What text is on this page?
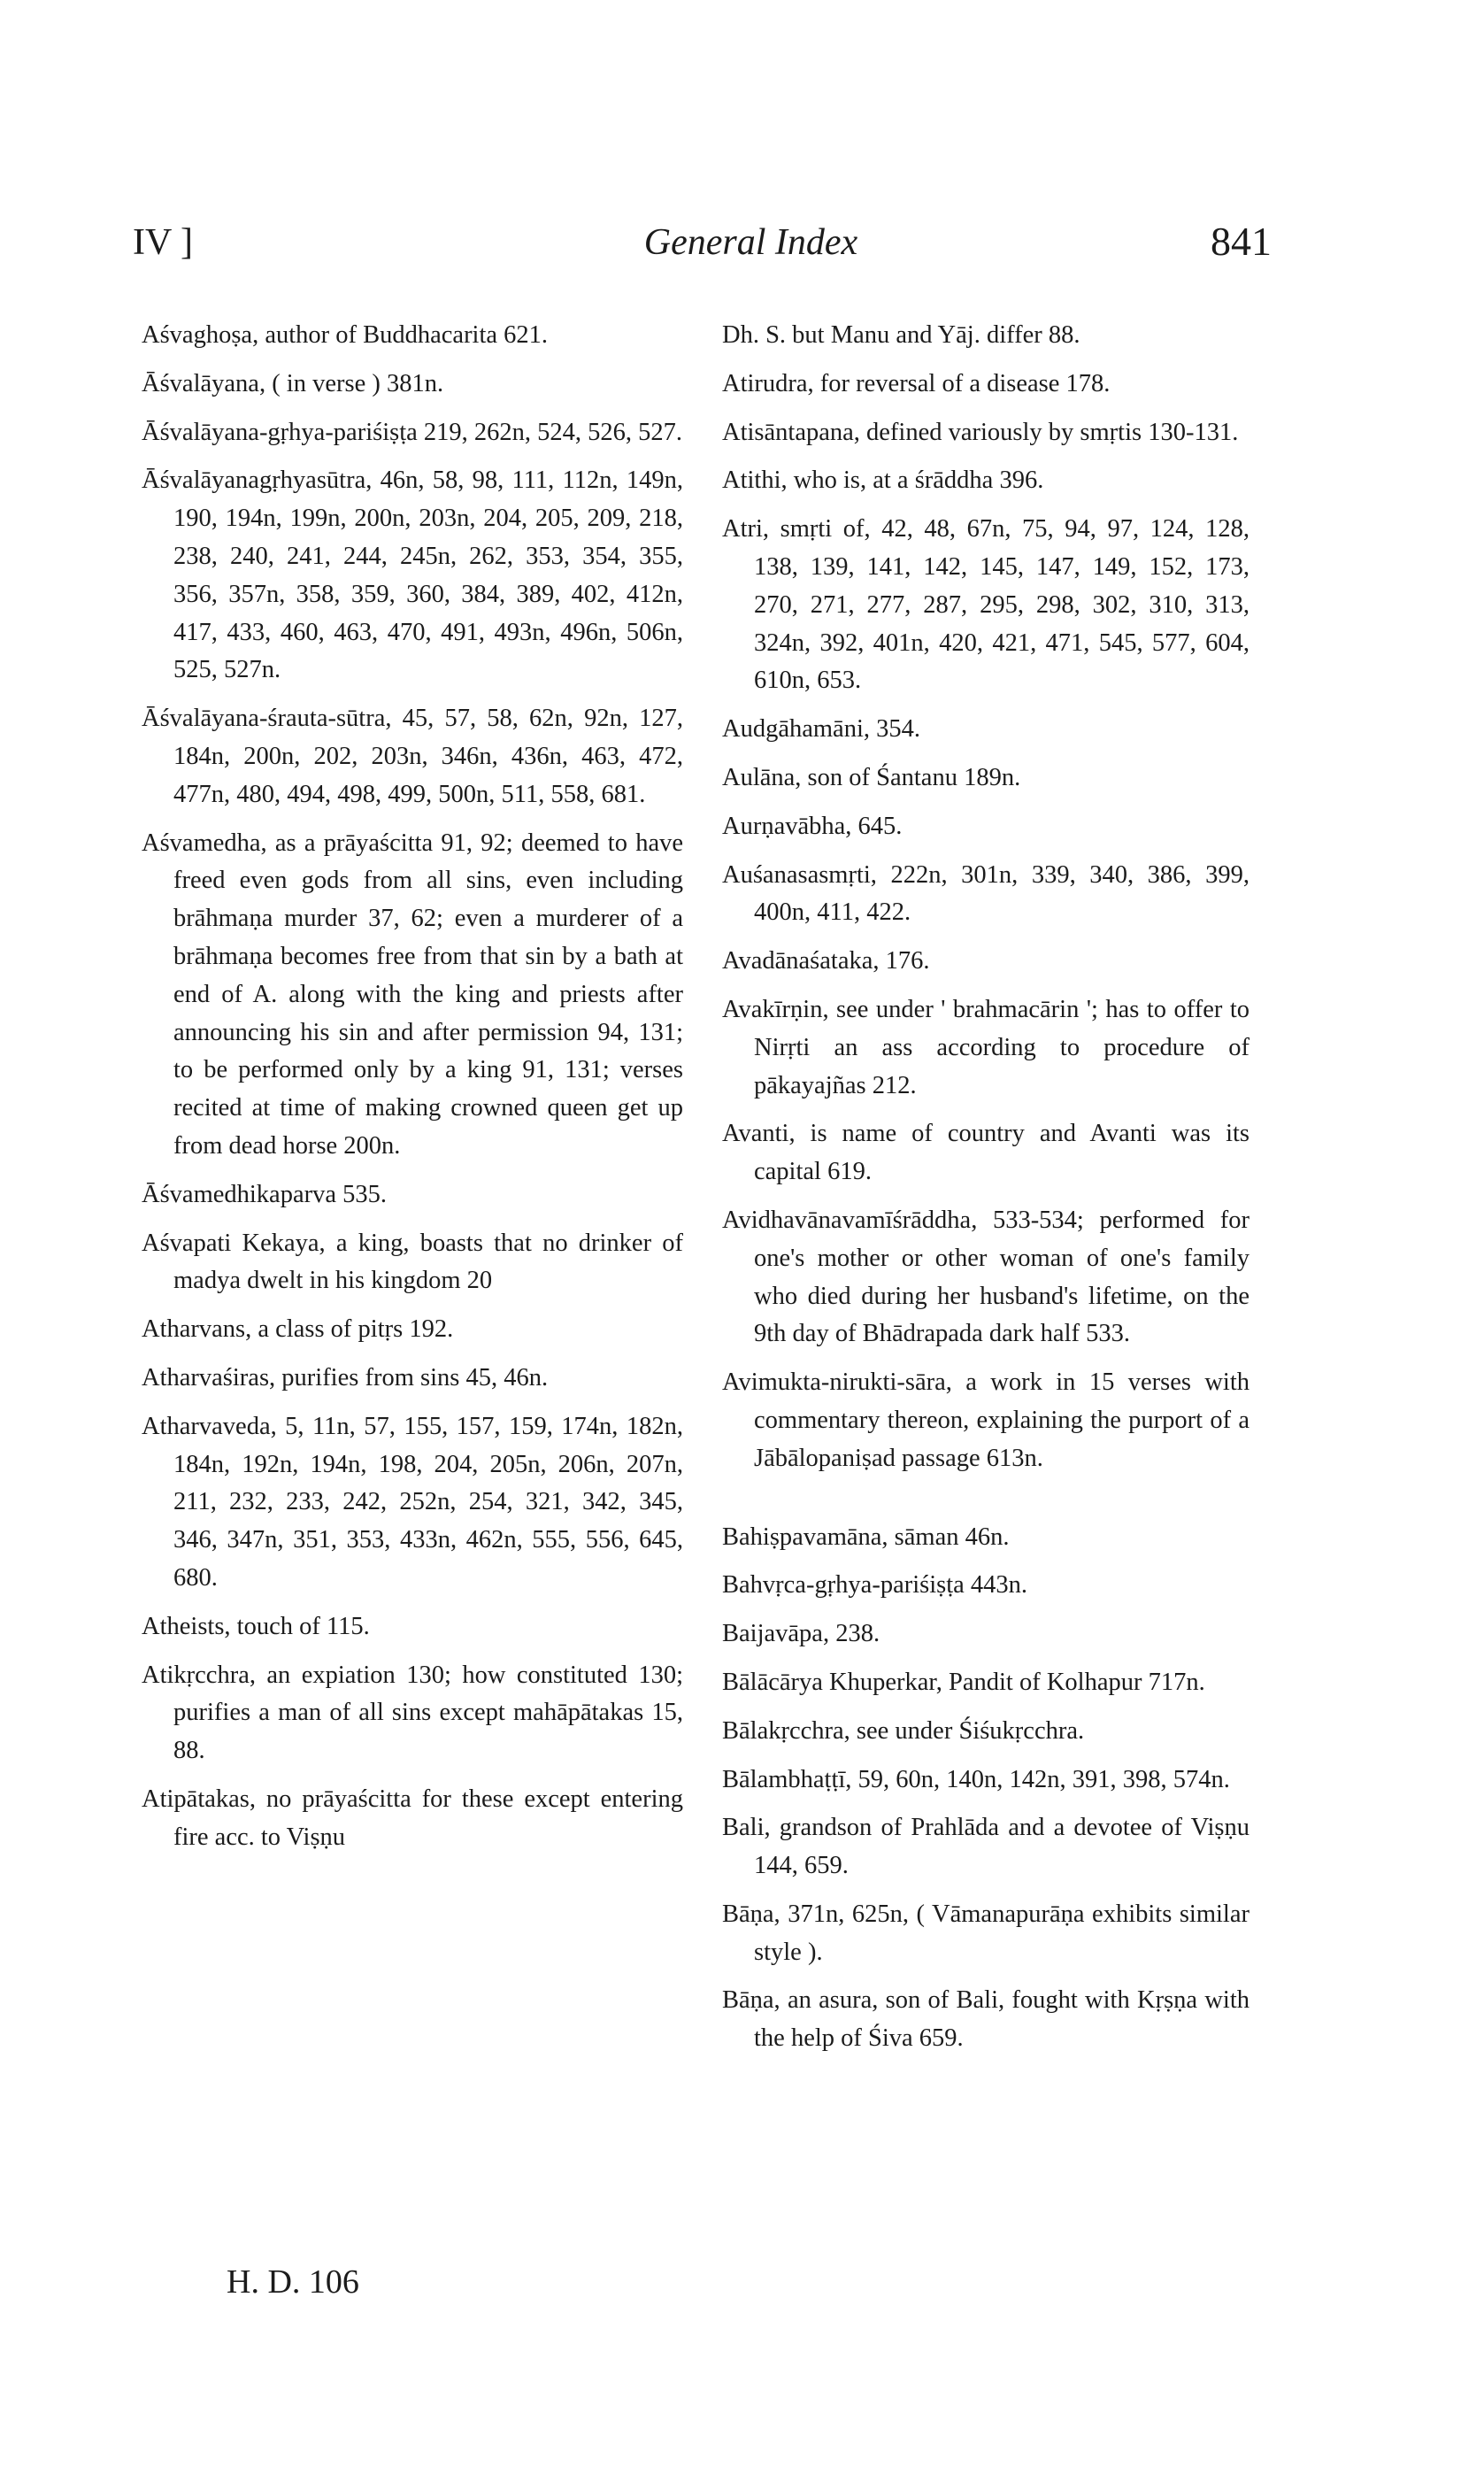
IV ]	General Index	841

Aśvaghoṣa, author of Buddhacarita 621.

Āśvalāyana, ( in verse ) 381n.

Āśvalāyana-gṛhya-pariśiṣṭa 219, 262n, 524, 526, 527.

Āśvalāyanagṛhyasūtra, 46n, 58, 98, 111, 112n, 149n, 190, 194n, 199n, 200n, 203n, 204, 205, 209, 218, 238, 240, 241, 244, 245n, 262, 353, 354, 355, 356, 357n, 358, 359, 360, 384, 389, 402, 412n, 417, 433, 460, 463, 470, 491, 493n, 496n, 506n, 525, 527n.

Āśvalāyana-śrauta-sūtra, 45, 57, 58, 62n, 92n, 127, 184n, 200n, 202, 203n, 346n, 436n, 463, 472, 477n, 480, 494, 498, 499, 500n, 511, 558, 681.

Aśvamedha, as a prāyaścitta 91, 92; deemed to have freed even gods from all sins, even including brāhmaṇa murder 37, 62; even a murderer of a brāhmaṇa becomes free from that sin by a bath at end of A. along with the king and priests after announcing his sin and after permission 94, 131; to be performed only by a king 91, 131; verses recited at time of making crowned queen get up from dead horse 200n.

Āśvamedhikaparva 535.

Aśvapati Kekaya, a king, boasts that no drinker of madya dwelt in his kingdom 20

Atharvans, a class of pitṛs 192.

Atharvaśiras, purifies from sins 45, 46n.

Atharvaveda, 5, 11n, 57, 155, 157, 159, 174n, 182n, 184n, 192n, 194n, 198, 204, 205n, 206n, 207n, 211, 232, 233, 242, 252n, 254, 321, 342, 345, 346, 347n, 351, 353, 433n, 462n, 555, 556, 645, 680.

Atheists, touch of 115.

Atikṛcchra, an expiation 130; how constituted 130; purifies a man of all sins except mahāpātakas 15, 88.

Atipātakas, no prāyaścitta for these except entering fire acc. to Viṣṇu

Dh. S. but Manu and Yāj. differ 88.

Atirudra, for reversal of a disease 178.

Atisāntapana, defined variously by smṛtis 130-131.

Atithi, who is, at a śrāddha 396.

Atri, smṛti of, 42, 48, 67n, 75, 94, 97, 124, 128, 138, 139, 141, 142, 145, 147, 149, 152, 173, 270, 271, 277, 287, 295, 298, 302, 310, 313, 324n, 392, 401n, 420, 421, 471, 545, 577, 604, 610n, 653.

Audgāhamāni, 354.

Aulāna, son of Śantanu 189n.

Aurṇavābha, 645.

Auśanasasmṛti, 222n, 301n, 339, 340, 386, 399, 400n, 411, 422.

Avadānaśataka, 176.

Avakīrṇin, see under ' brahmacārin '; has to offer to Nirṛti an ass according to procedure of pākayajñas 212.

Avanti, is name of country and Avanti was its capital 619.

Avidhavānavamīśrāddha, 533-534; performed for one's mother or other woman of one's family who died during her husband's lifetime, on the 9th day of Bhādrapada dark half 533.

Avimukta-nirukti-sāra, a work in 15 verses with commentary thereon, explaining the purport of a Jābālopaniṣad passage 613n.

Bahiṣpavamāna, sāman 46n.

Bahvṛca-gṛhya-pariśiṣṭa 443n.

Baijavāpa, 238.

Bālācārya Khuperkar, Pandit of Kolhapur 717n.

Bālakṛcchra, see under Śiśukṛcchra.

Bālambhaṭṭī, 59, 60n, 140n, 142n, 391, 398, 574n.

Bali, grandson of Prahlāda and a devotee of Viṣṇu 144, 659.

Bāṇa, 371n, 625n, ( Vāmanapurāṇa exhibits similar style ).

Bāṇa, an asura, son of Bali, fought with Kṛṣṇa with the help of Śiva 659.

H. D. 106
